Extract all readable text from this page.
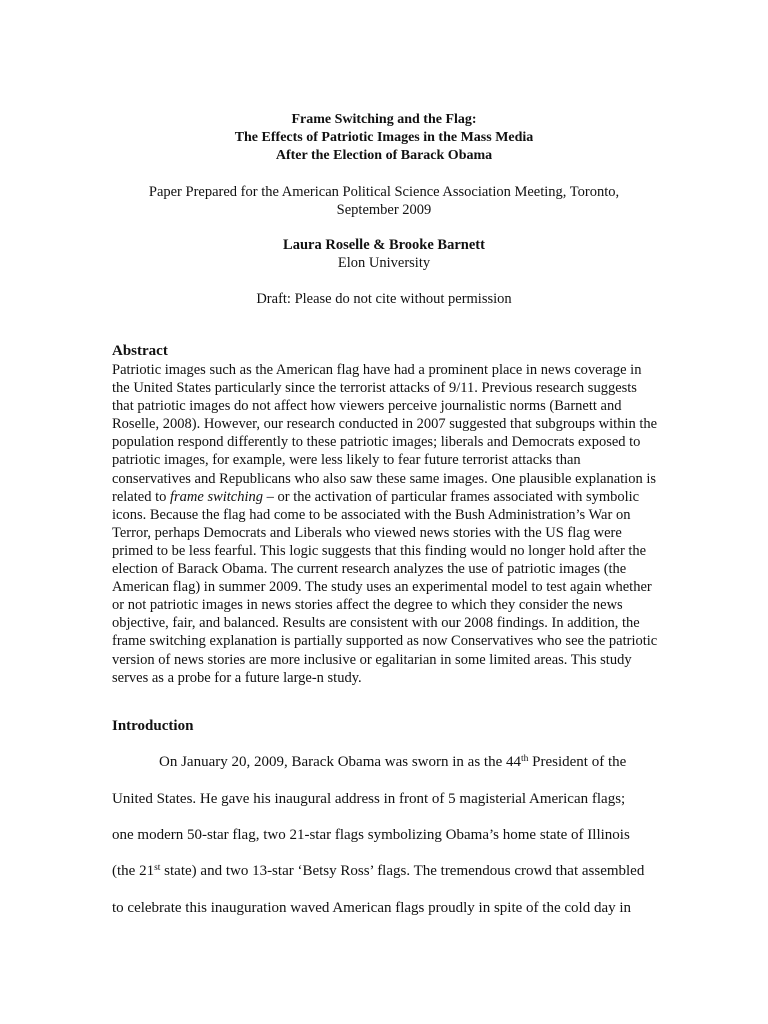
Frame Switching and the Flag:
The Effects of Patriotic Images in the Mass Media
After the Election of Barack Obama
Paper Prepared for the American Political Science Association Meeting, Toronto,
September 2009
Laura Roselle & Brooke Barnett
Elon University
Draft: Please do not cite without permission
Abstract

Patriotic images such as the American flag have had a prominent place in news coverage in the United States particularly since the terrorist attacks of 9/11. Previous research suggests that patriotic images do not affect how viewers perceive journalistic norms (Barnett and Roselle, 2008). However, our research conducted in 2007 suggested that subgroups within the population respond differently to these patriotic images; liberals and Democrats exposed to patriotic images, for example, were less likely to fear future terrorist attacks than conservatives and Republicans who also saw these same images. One plausible explanation is related to frame switching – or the activation of particular frames associated with symbolic icons. Because the flag had come to be associated with the Bush Administration’s War on Terror, perhaps Democrats and Liberals who viewed news stories with the US flag were primed to be less fearful. This logic suggests that this finding would no longer hold after the election of Barack Obama. The current research analyzes the use of patriotic images (the American flag) in summer 2009. The study uses an experimental model to test again whether or not patriotic images in news stories affect the degree to which they consider the news objective, fair, and balanced. Results are consistent with our 2008 findings. In addition, the frame switching explanation is partially supported as now Conservatives who see the patriotic version of news stories are more inclusive or egalitarian in some limited areas. This study serves as a probe for a future large-n study.

Introduction
On January 20, 2009, Barack Obama was sworn in as the 44th President of the
United States. He gave his inaugural address in front of 5 magisterial American flags;
one modern 50-star flag, two 21-star flags symbolizing Obama’s home state of Illinois
(the 21st state) and two 13-star ‘Betsy Ross’ flags. The tremendous crowd that assembled
to celebrate this inauguration waved American flags proudly in spite of the cold day in
